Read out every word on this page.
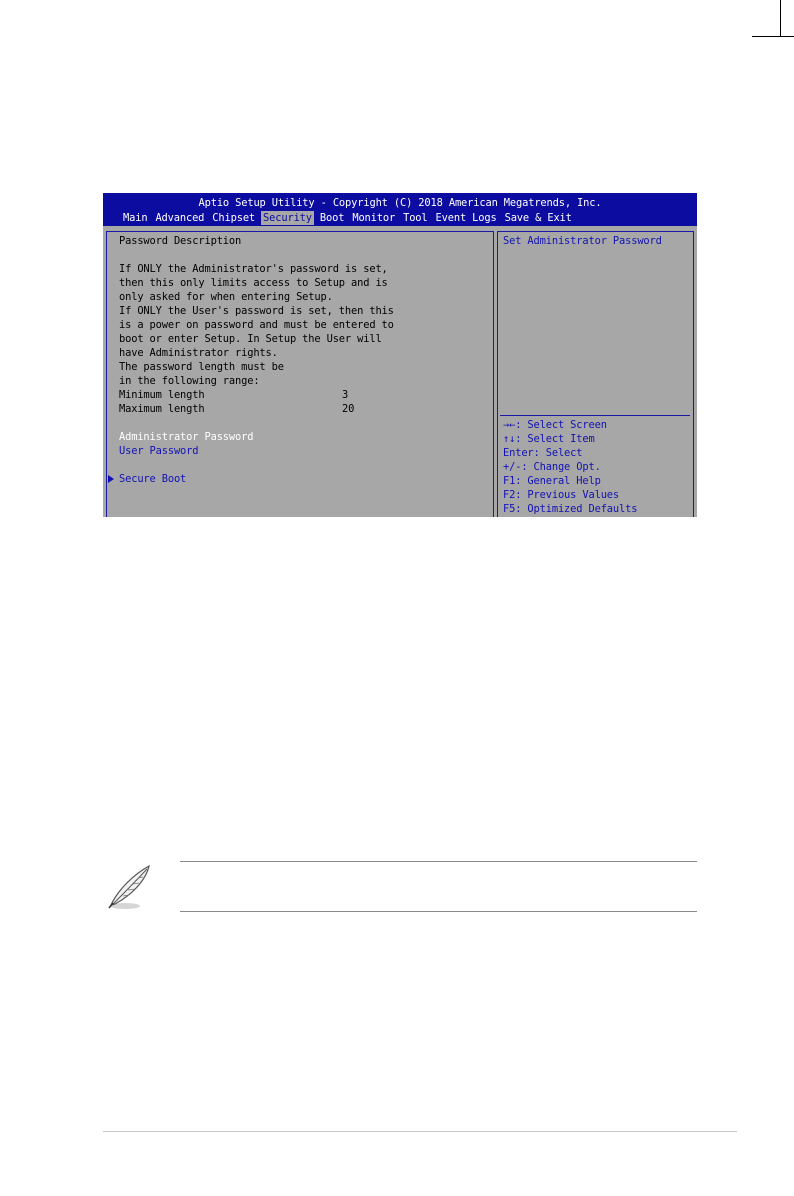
Aptio Setup Utility - Copyright (C) 2018 American Megatrends, Inc.
Main Advanced Chipset Security Boot Monitor Tool Event Logs Save & Exit
Password Description
If ONLY the Administrator's password is set,
then this only limits access to Setup and is
only asked for when entering Setup.
If ONLY the User's password is set, then this
is a power on password and must be entered to
boot or enter Setup. In Setup the User will
have Administrator rights.
The password length must be
in the following range:
Minimum length	3
Maximum length	20
Administrator Password
User Password
Secure Boot
Set Administrator Password
→←: Select Screen
↑↓: Select Item
Enter: Select
+/-: Change Opt.
F1: General Help
F2: Previous Values
F5: Optimized Defaults
